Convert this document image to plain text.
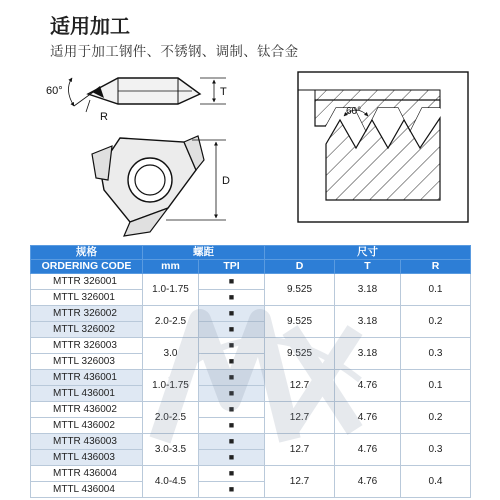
适用加工
适用于加工钢件、不锈钢、调制、钛合金
60°
R
T
D
60°
规格	螺距		尺寸		
ORDERING CODE	mm	TPI	D	T	R
MTTR 326001	1.0-1.75	■	9.525	3.18	0.1
MTTL 326001		■			
MTTR 326002	2.0-2.5	■	9.525	3.18	0.2
MTTL 326002		■			
MTTR 326003	3.0	■	9.525	3.18	0.3
MTTL 326003		■			
MTTR 436001	1.0-1.75	■	12.7	4.76	0.1
MTTL 436001		■			
MTTR 436002	2.0-2.5	■	12.7	4.76	0.2
MTTL 436002		■			
MTTR 436003	3.0-3.5	■	12.7	4.76	0.3
MTTL 436003		■			
MTTR 436004	4.0-4.5	■	12.7	4.76	0.4
MTTL 436004		■			
